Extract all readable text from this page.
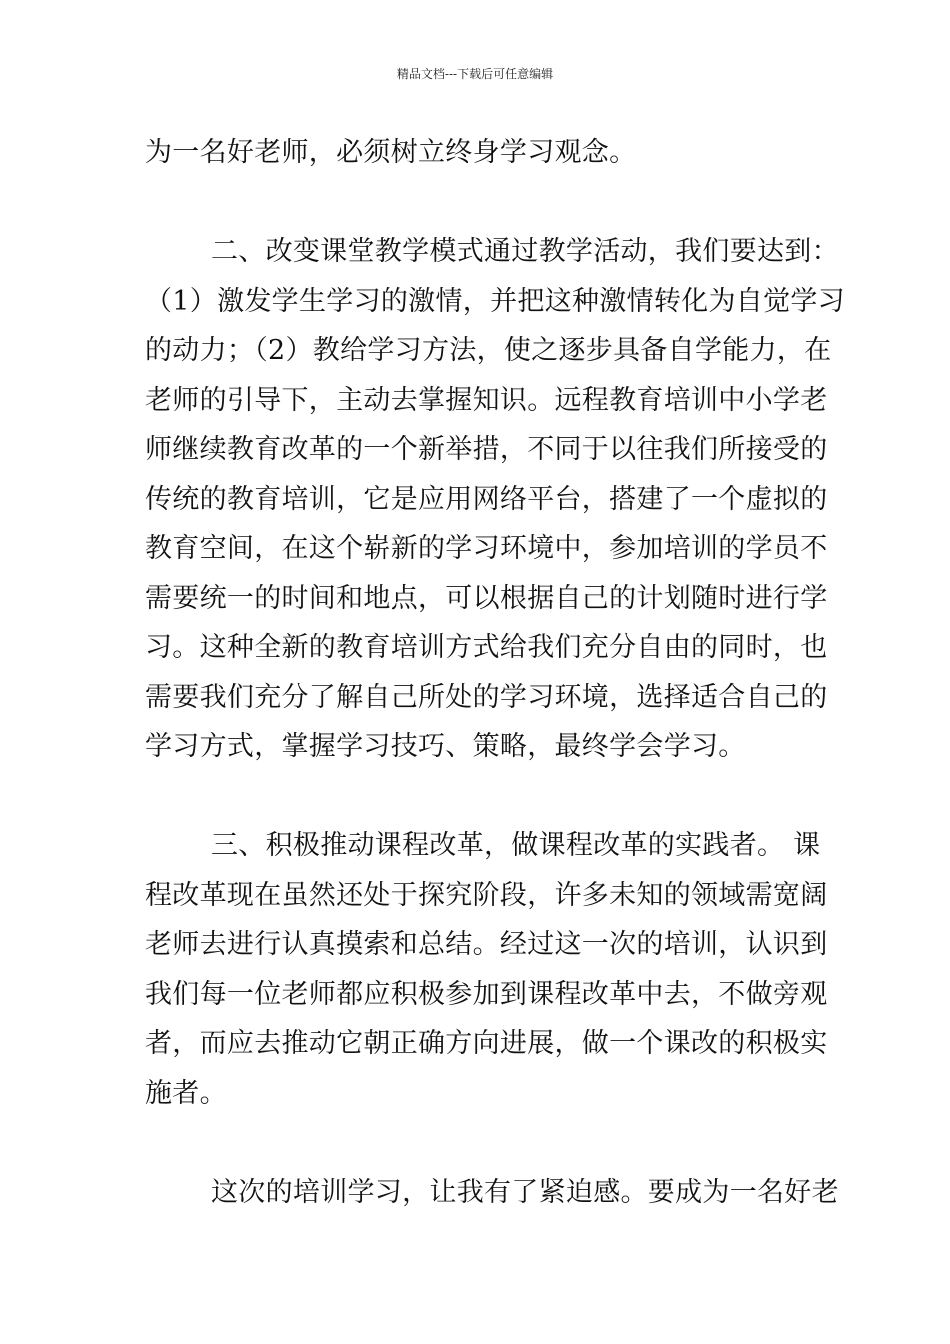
精品文档---下载后可任意编辑
为一名好老师，必须树立终身学习观念。
二、改变课堂教学模式通过教学活动，我们要达到：
（1）激发学生学习的激情，并把这种激情转化为自觉学习
的动力；（2）教给学习方法，使之逐步具备自学能力，在
老师的引导下，主动去掌握知识。远程教育培训中小学老
师继续教育改革的一个新举措，不同于以往我们所接受的
传统的教育培训，它是应用网络平台，搭建了一个虚拟的
教育空间，在这个崭新的学习环境中，参加培训的学员不
需要统一的时间和地点，可以根据自己的计划随时进行学
习。这种全新的教育培训方式给我们充分自由的同时，也
需要我们充分了解自己所处的学习环境，选择适合自己的
学习方式，掌握学习技巧、策略，最终学会学习。
三、积极推动课程改革，做课程改革的实践者。 课
程改革现在虽然还处于探究阶段，许多未知的领域需宽阔
老师去进行认真摸索和总结。经过这一次的培训，认识到
我们每一位老师都应积极参加到课程改革中去，不做旁观
者，而应去推动它朝正确方向进展，做一个课改的积极实
施者。
这次的培训学习，让我有了紧迫感。要成为一名好老
